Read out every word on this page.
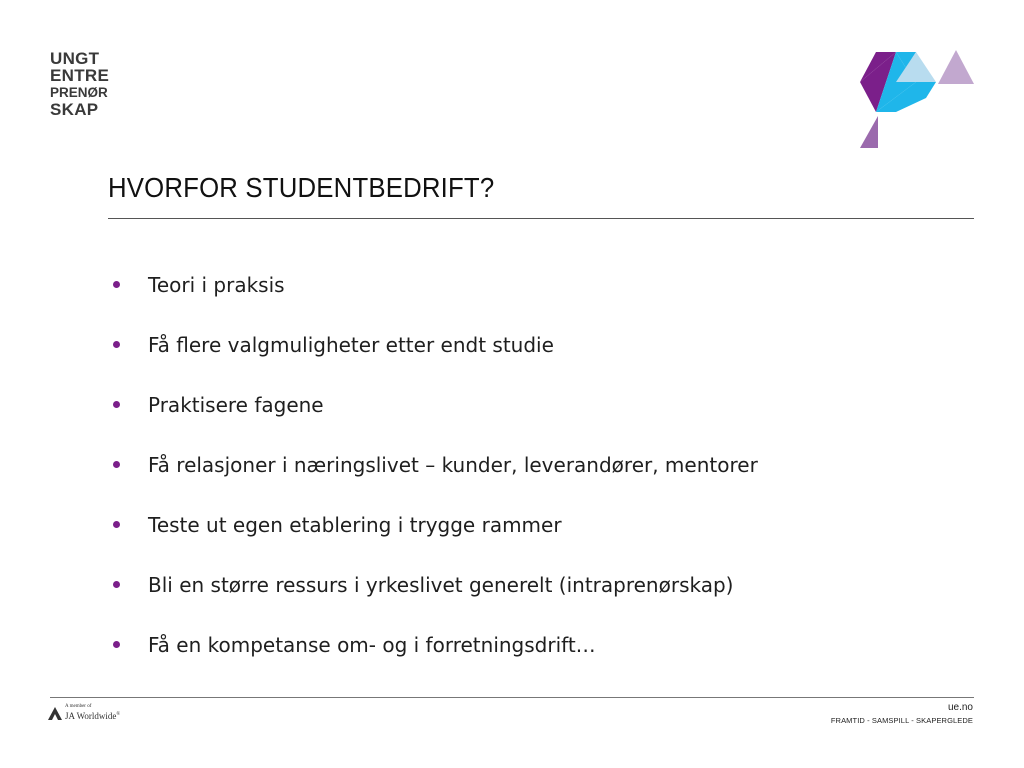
UNGT
ENTRE
PRENØR
SKAP
HVORFOR STUDENTBEDRIFT?
Teori i praksis
Få flere valgmuligheter etter endt studie
Praktisere fagene
Få relasjoner i næringslivet – kunder, leverandører, mentorer
Teste ut egen etablering i trygge rammer
Bli en større ressurs i yrkeslivet generelt (intraprenørskap)
Få en kompetanse om- og i forretningsdrift…
A member of
JA Worldwide®
ue.no
FRAMTID - SAMSPILL - SKAPERGLEDE
